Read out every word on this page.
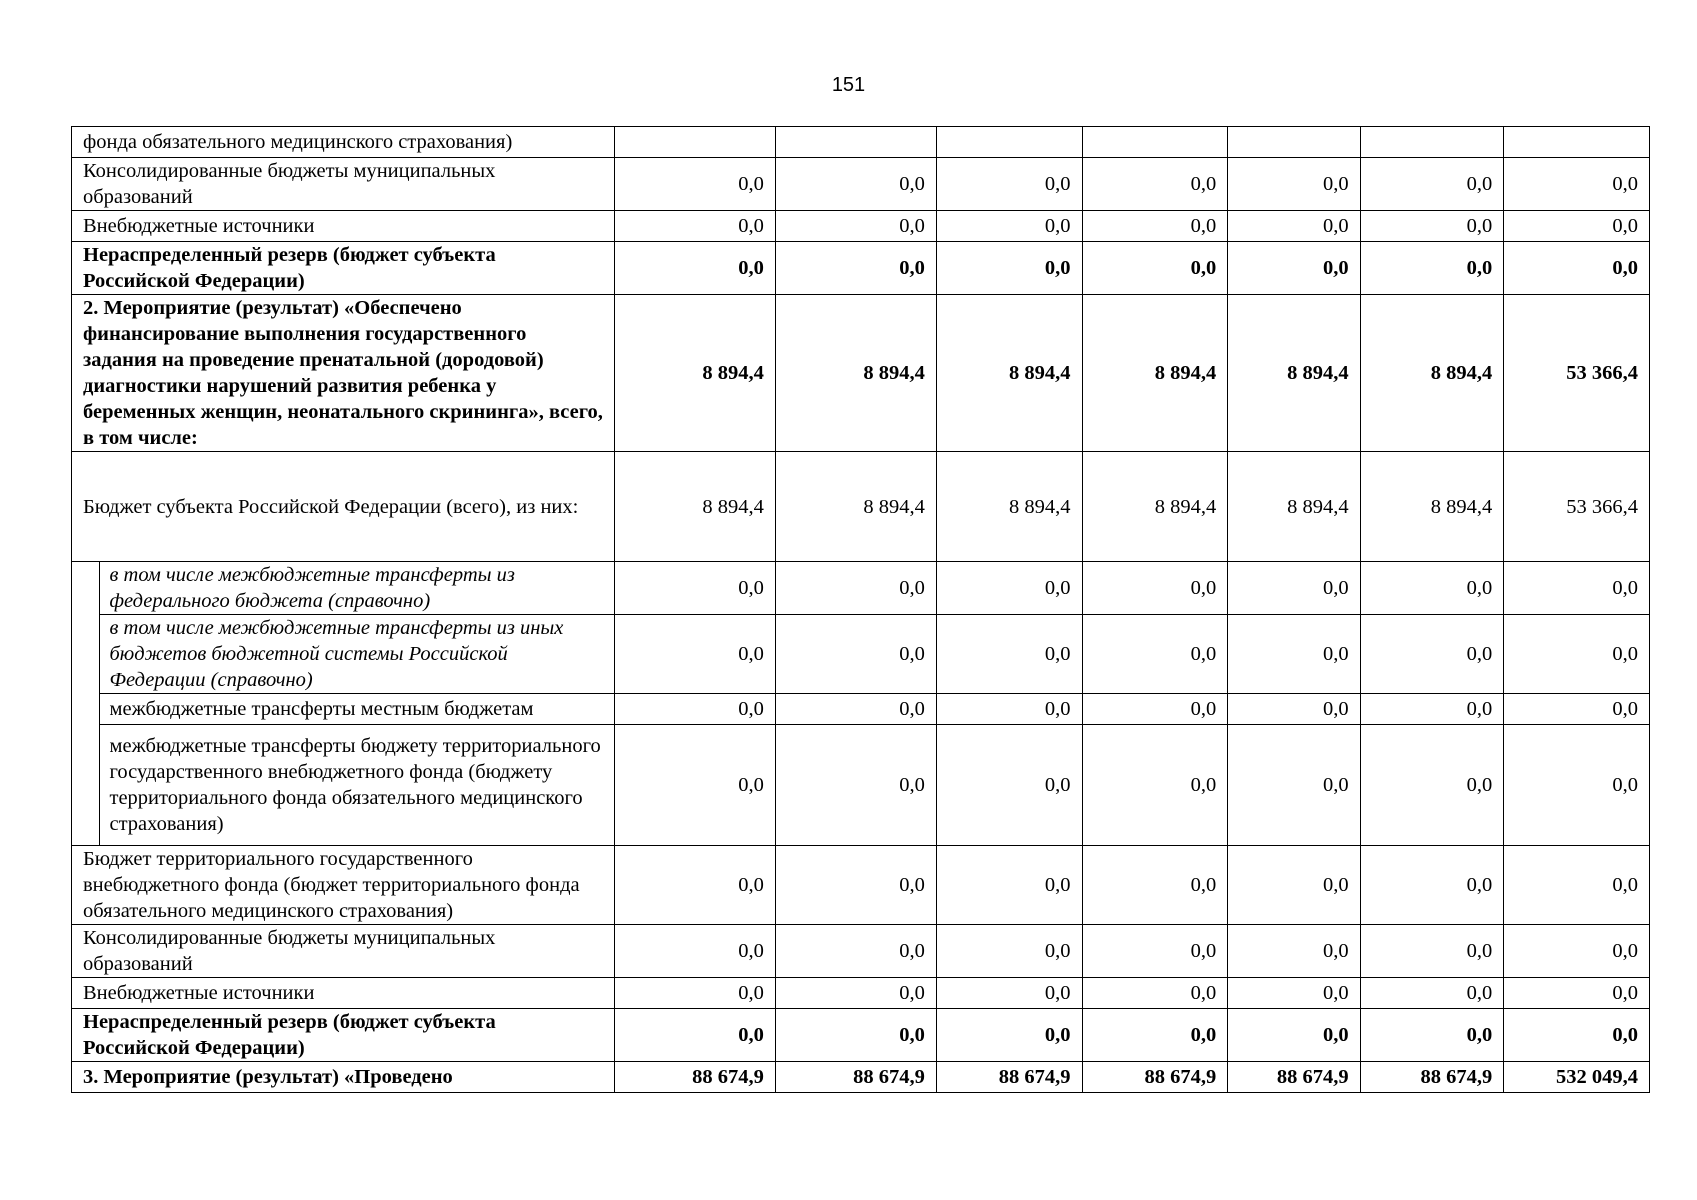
151
фонда обязательного медицинского страхования)								
Консолидированные бюджеты муниципальных образований		0,0	0,0	0,0	0,0	0,0	0,0	0,0
Внебюджетные источники		0,0	0,0	0,0	0,0	0,0	0,0	0,0
Нераспределенный резерв (бюджет субъекта Российской Федерации)		0,0	0,0	0,0	0,0	0,0	0,0	0,0
2. Мероприятие (результат) «Обеспечено финансирование выполнения государственного задания на проведение пренатальной (дородовой) диагностики нарушений развития ребенка у беременных женщин, неонатального скрининга», всего, в том числе:		8 894,4	8 894,4	8 894,4	8 894,4	8 894,4	8 894,4	53 366,4
Бюджет субъекта Российской Федерации (всего), из них:		8 894,4	8 894,4	8 894,4	8 894,4	8 894,4	8 894,4	53 366,4
	в том числе межбюджетные трансферты из федерального бюджета (справочно)	0,0	0,0	0,0	0,0	0,0	0,0	0,0
	в том числе межбюджетные трансферты из иных бюджетов бюджетной системы Российской Федерации (справочно)	0,0	0,0	0,0	0,0	0,0	0,0	0,0
	межбюджетные трансферты местным бюджетам	0,0	0,0	0,0	0,0	0,0	0,0	0,0
	межбюджетные трансферты бюджету территориального государственного внебюджетного фонда (бюджету территориального фонда обязательного медицинского страхования)	0,0	0,0	0,0	0,0	0,0	0,0	0,0
Бюджет территориального государственного внебюджетного фонда (бюджет территориального фонда обязательного медицинского страхования)		0,0	0,0	0,0	0,0	0,0	0,0	0,0
Консолидированные бюджеты муниципальных образований		0,0	0,0	0,0	0,0	0,0	0,0	0,0
Внебюджетные источники		0,0	0,0	0,0	0,0	0,0	0,0	0,0
Нераспределенный резерв (бюджет субъекта Российской Федерации)		0,0	0,0	0,0	0,0	0,0	0,0	0,0
3. Мероприятие (результат) «Проведено		88 674,9	88 674,9	88 674,9	88 674,9	88 674,9	88 674,9	532 049,4
